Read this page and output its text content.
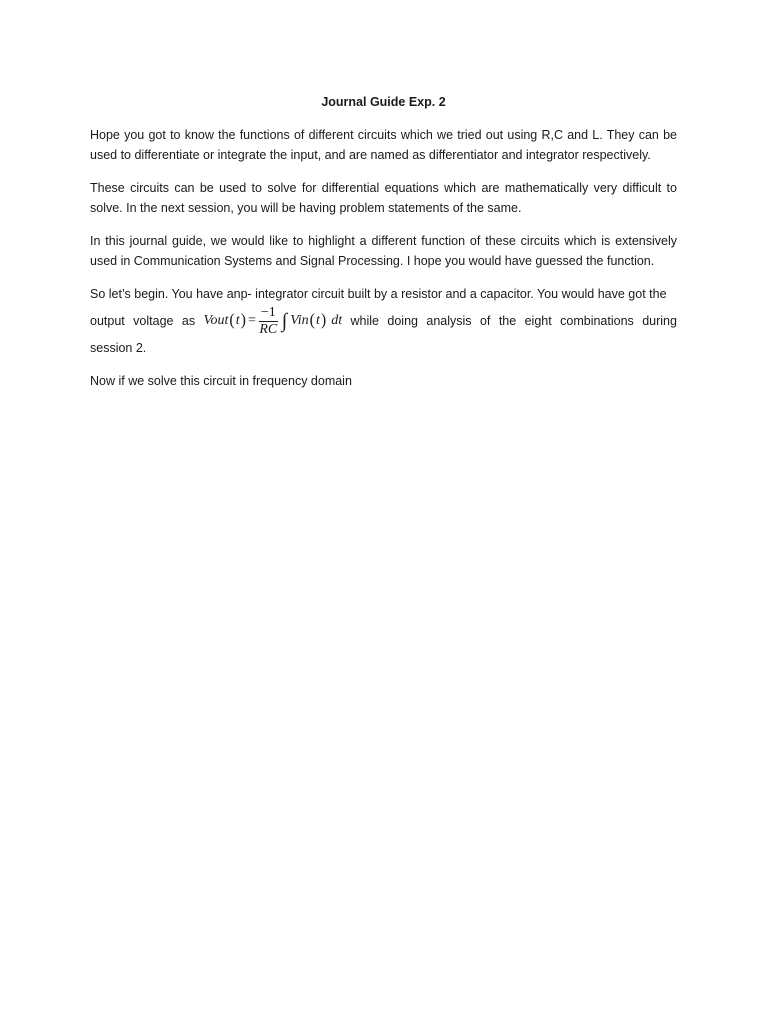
Journal Guide Exp. 2

Hope you got to know the functions of different circuits which we tried out using R,C and L. They can be used to differentiate or integrate the input, and are named as differentiator and integrator respectively.

These circuits can be used to solve for differential equations which are mathematically very difficult to solve. In the next session, you will be having problem statements of the same.

In this journal guide, we would like to highlight a different function of these circuits which is extensively used in Communication Systems and Signal Processing. I hope you would have guessed the function.

So let’s begin. You have anp- integrator circuit built by a resistor and a capacitor. You would have got the
output voltage as Vout ( t ) = $\frac{-1}{RC}$ ∫ Vin ( t ) dt while doing analysis of the eight combinations during
session 2.

Now if we solve this circuit in frequency domain
